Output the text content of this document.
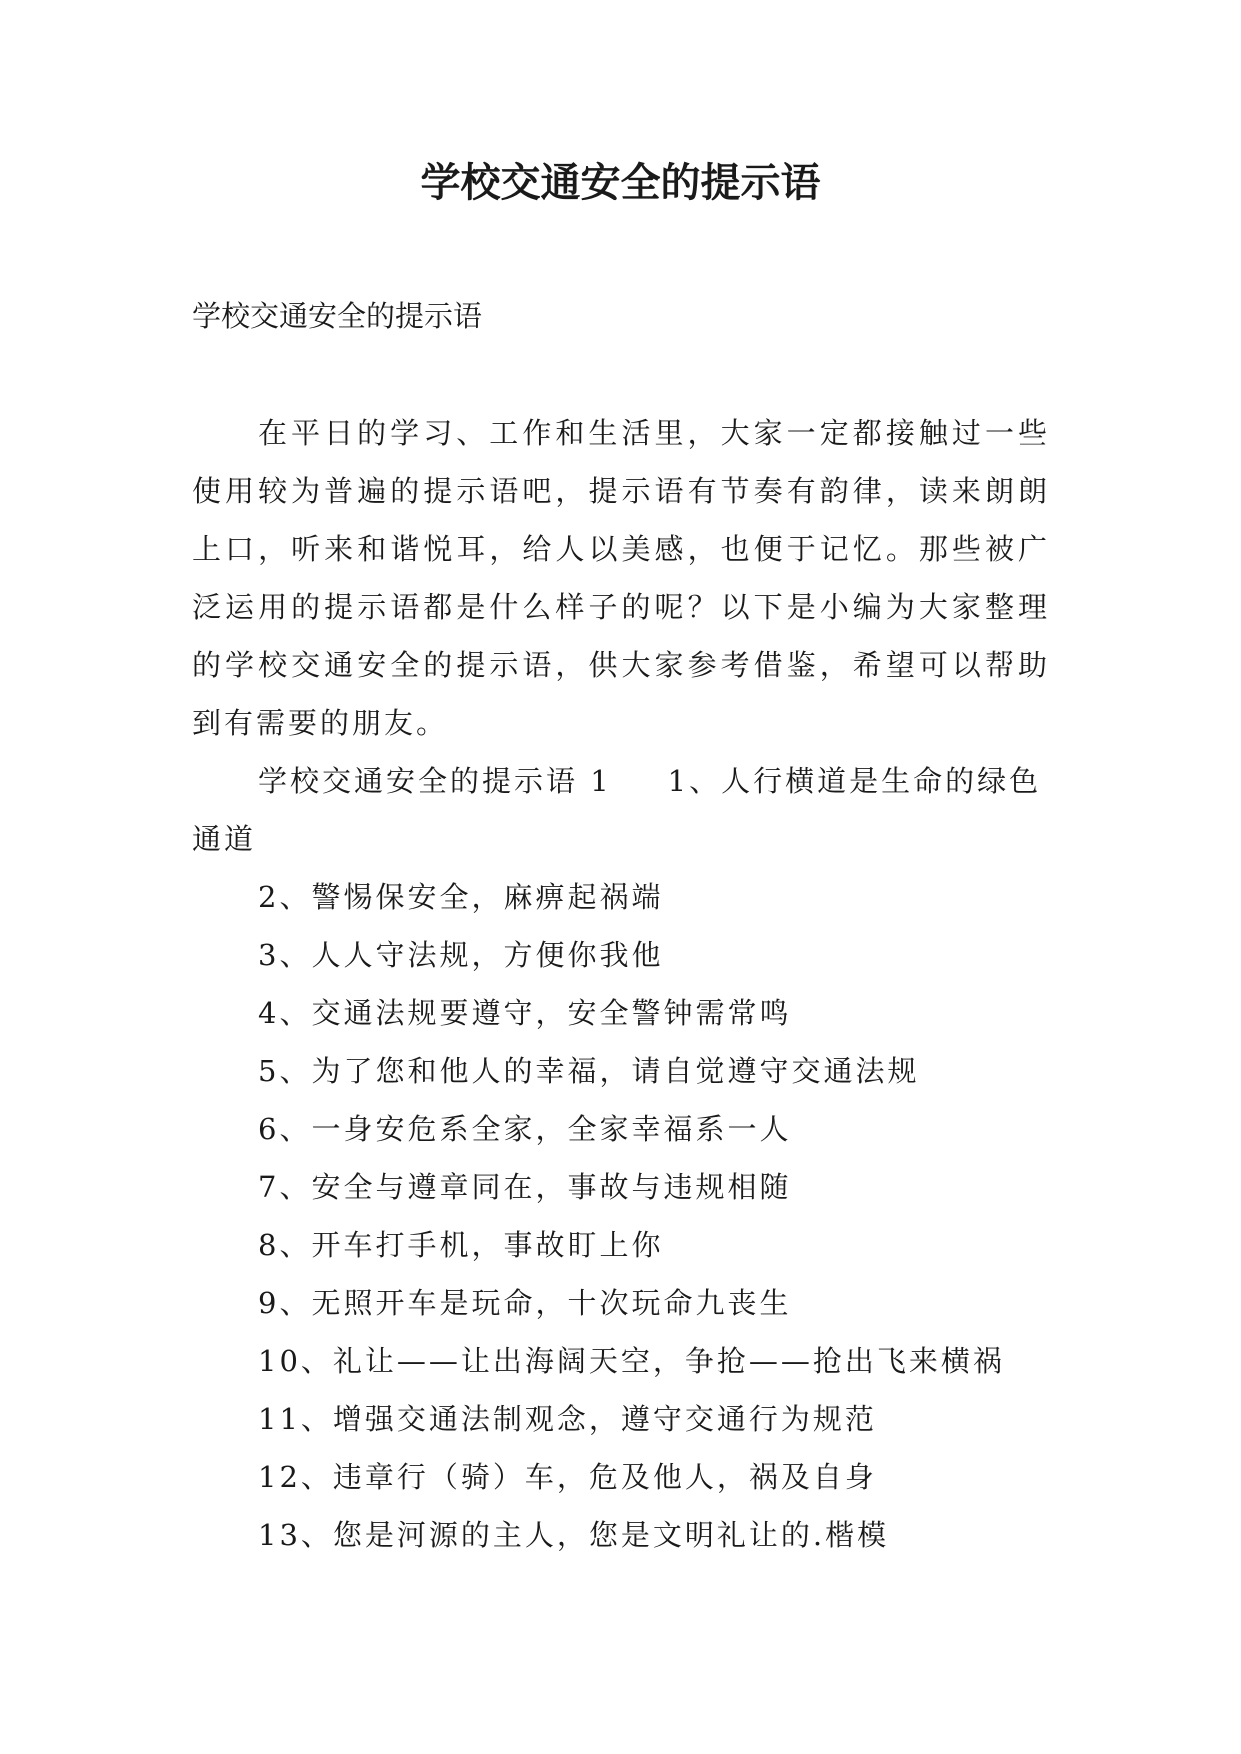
学校交通安全的提示语

学校交通安全的提示语

在平日的学习、工作和生活里，大家一定都接触过一些使用较为普遍的提示语吧，提示语有节奏有韵律，读来朗朗上口，听来和谐悦耳，给人以美感，也便于记忆。那些被广泛运用的提示语都是什么样子的呢？以下是小编为大家整理的学校交通安全的提示语，供大家参考借鉴，希望可以帮助到有需要的朋友。

学校交通安全的提示语 1 1、人行横道是生命的绿色通道

2、警惕保安全，麻痹起祸端
3、人人守法规，方便你我他
4、交通法规要遵守，安全警钟需常鸣
5、为了您和他人的幸福，请自觉遵守交通法规
6、一身安危系全家，全家幸福系一人
7、安全与遵章同在，事故与违规相随
8、开车打手机，事故盯上你
9、无照开车是玩命，十次玩命九丧生
10、礼让——让出海阔天空，争抢——抢出飞来横祸
11、增强交通法制观念，遵守交通行为规范
12、违章行（骑）车，危及他人，祸及自身
13、您是河源的主人，您是文明礼让的.楷模
